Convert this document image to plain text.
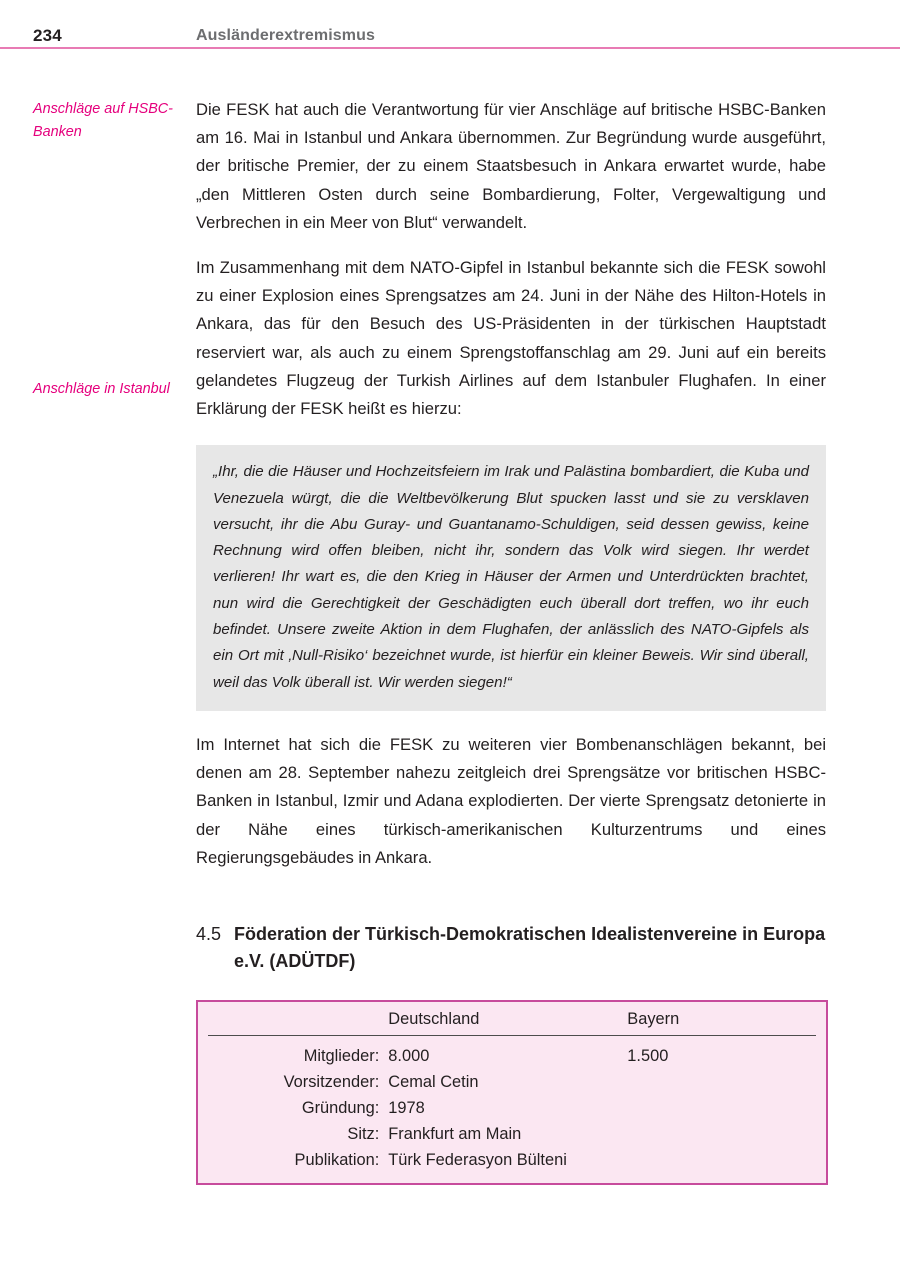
234	Ausländerextremismus
Anschläge auf HSBC-Banken
Anschläge in Istanbul

Die FESK hat auch die Verantwortung für vier Anschläge auf britische HSBC-Banken am 16. Mai in Istanbul und Ankara übernommen. Zur Begründung wurde ausgeführt, der britische Premier, der zu einem Staatsbesuch in Ankara erwartet wurde, habe „den Mittleren Osten durch seine Bombardierung, Folter, Vergewaltigung und Verbrechen in ein Meer von Blut“ verwandelt.

Im Zusammenhang mit dem NATO-Gipfel in Istanbul bekannte sich die FESK sowohl zu einer Explosion eines Sprengsatzes am 24. Juni in der Nähe des Hilton-Hotels in Ankara, das für den Besuch des US-Präsidenten in der türkischen Hauptstadt reserviert war, als auch zu einem Sprengstoffanschlag am 29. Juni auf ein bereits gelandetes Flugzeug der Turkish Airlines auf dem Istanbuler Flughafen. In einer Erklärung der FESK heißt es hierzu:

„Ihr, die die Häuser und Hochzeitsfeiern im Irak und Palästina bombardiert, die Kuba und Venezuela würgt, die die Weltbevölkerung Blut spucken lasst und sie zu versklaven versucht, ihr die Abu Guray- und Guantanamo-Schuldigen, seid dessen gewiss, keine Rechnung wird offen bleiben, nicht ihr, sondern das Volk wird siegen. Ihr werdet verlieren! Ihr wart es, die den Krieg in Häuser der Armen und Unterdrückten brachtet, nun wird die Gerechtigkeit der Geschädigten euch überall dort treffen, wo ihr euch befindet. Unsere zweite Aktion in dem Flughafen, der anlässlich des NATO-Gipfels als ein Ort mit ‚Null-Risiko‘ bezeichnet wurde, ist hierfür ein kleiner Beweis. Wir sind überall, weil das Volk überall ist. Wir werden siegen!“

Im Internet hat sich die FESK zu weiteren vier Bombenanschlägen bekannt, bei denen am 28. September nahezu zeitgleich drei Sprengsätze vor britischen HSBC-Banken in Istanbul, Izmir und Adana explodierten. Der vierte Sprengsatz detonierte in der Nähe eines türkisch-amerikanischen Kulturzentrums und eines Regierungsgebäudes in Ankara.

4.5 Föderation der Türkisch-Demokratischen Idealistenvereine in Europa e.V. (ADÜTDF)
	Deutschland	Bayern

Mitglieder:	8.000	1.500
Vorsitzender:	Cemal Cetin	
Gründung:	1978	
Sitz:	Frankfurt am Main	
Publikation:	Türk Federasyon Bülteni	
